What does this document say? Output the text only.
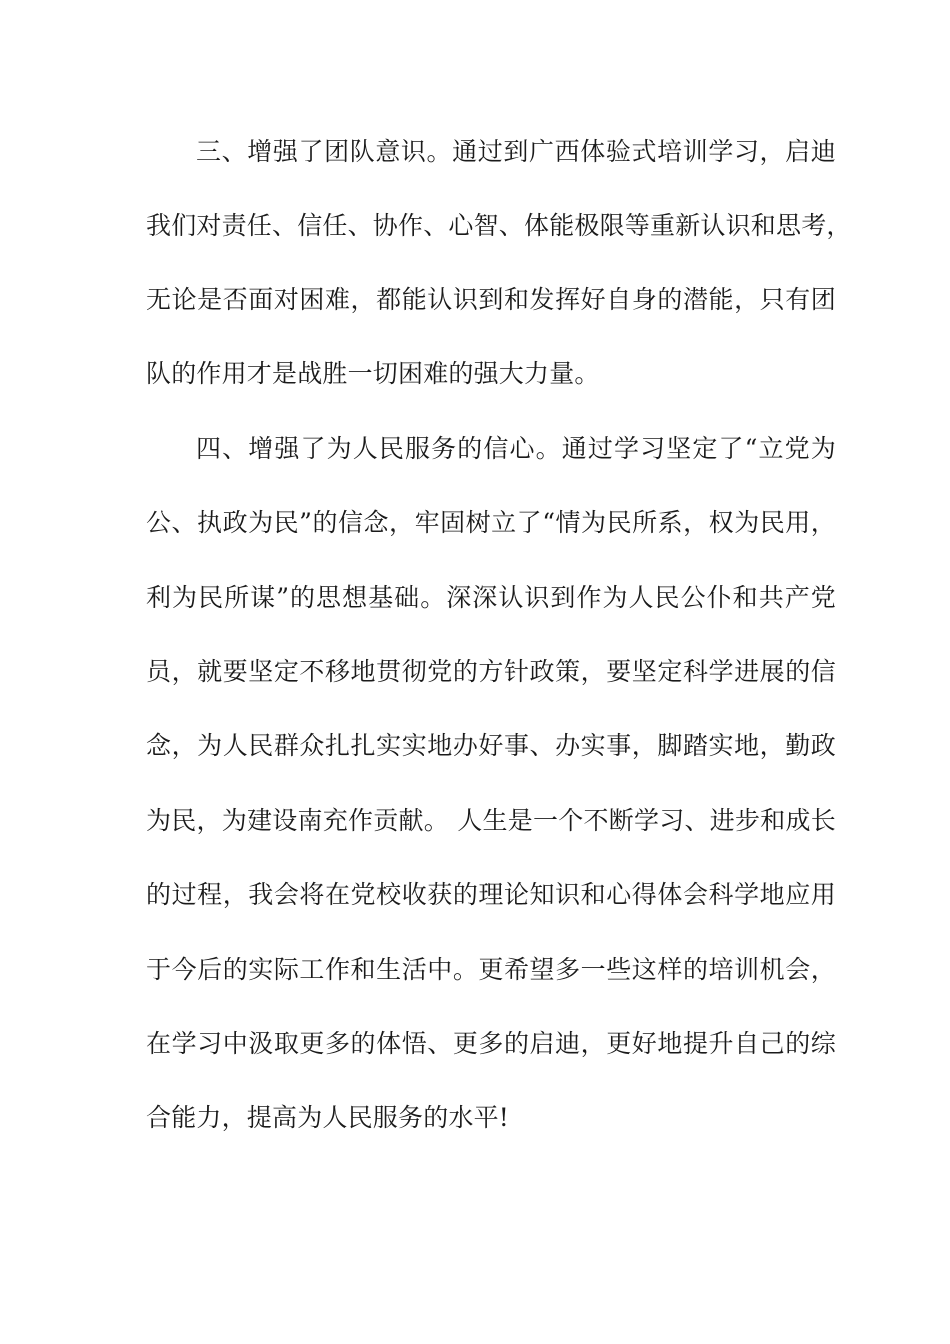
三、增强了团队意识。通过到广西体验式培训学习，启迪

我们对责任、信任、协作、心智、体能极限等重新认识和思考，

无论是否面对困难，都能认识到和发挥好自身的潜能，只有团

队的作用才是战胜一切困难的强大力量。

四、增强了为人民服务的信心。通过学习坚定了“立党为

公、执政为民”的信念，牢固树立了“情为民所系，权为民用，

利为民所谋”的思想基础。深深认识到作为人民公仆和共产党

员，就要坚定不移地贯彻党的方针政策，要坚定科学进展的信

念，为人民群众扎扎实实地办好事、办实事，脚踏实地，勤政

为民，为建设南充作贡献。 人生是一个不断学习、进步和成长

的过程，我会将在党校收获的理论知识和心得体会科学地应用

于今后的实际工作和生活中。更希望多一些这样的培训机会，

在学习中汲取更多的体悟、更多的启迪，更好地提升自己的综

合能力，提高为人民服务的水平!
